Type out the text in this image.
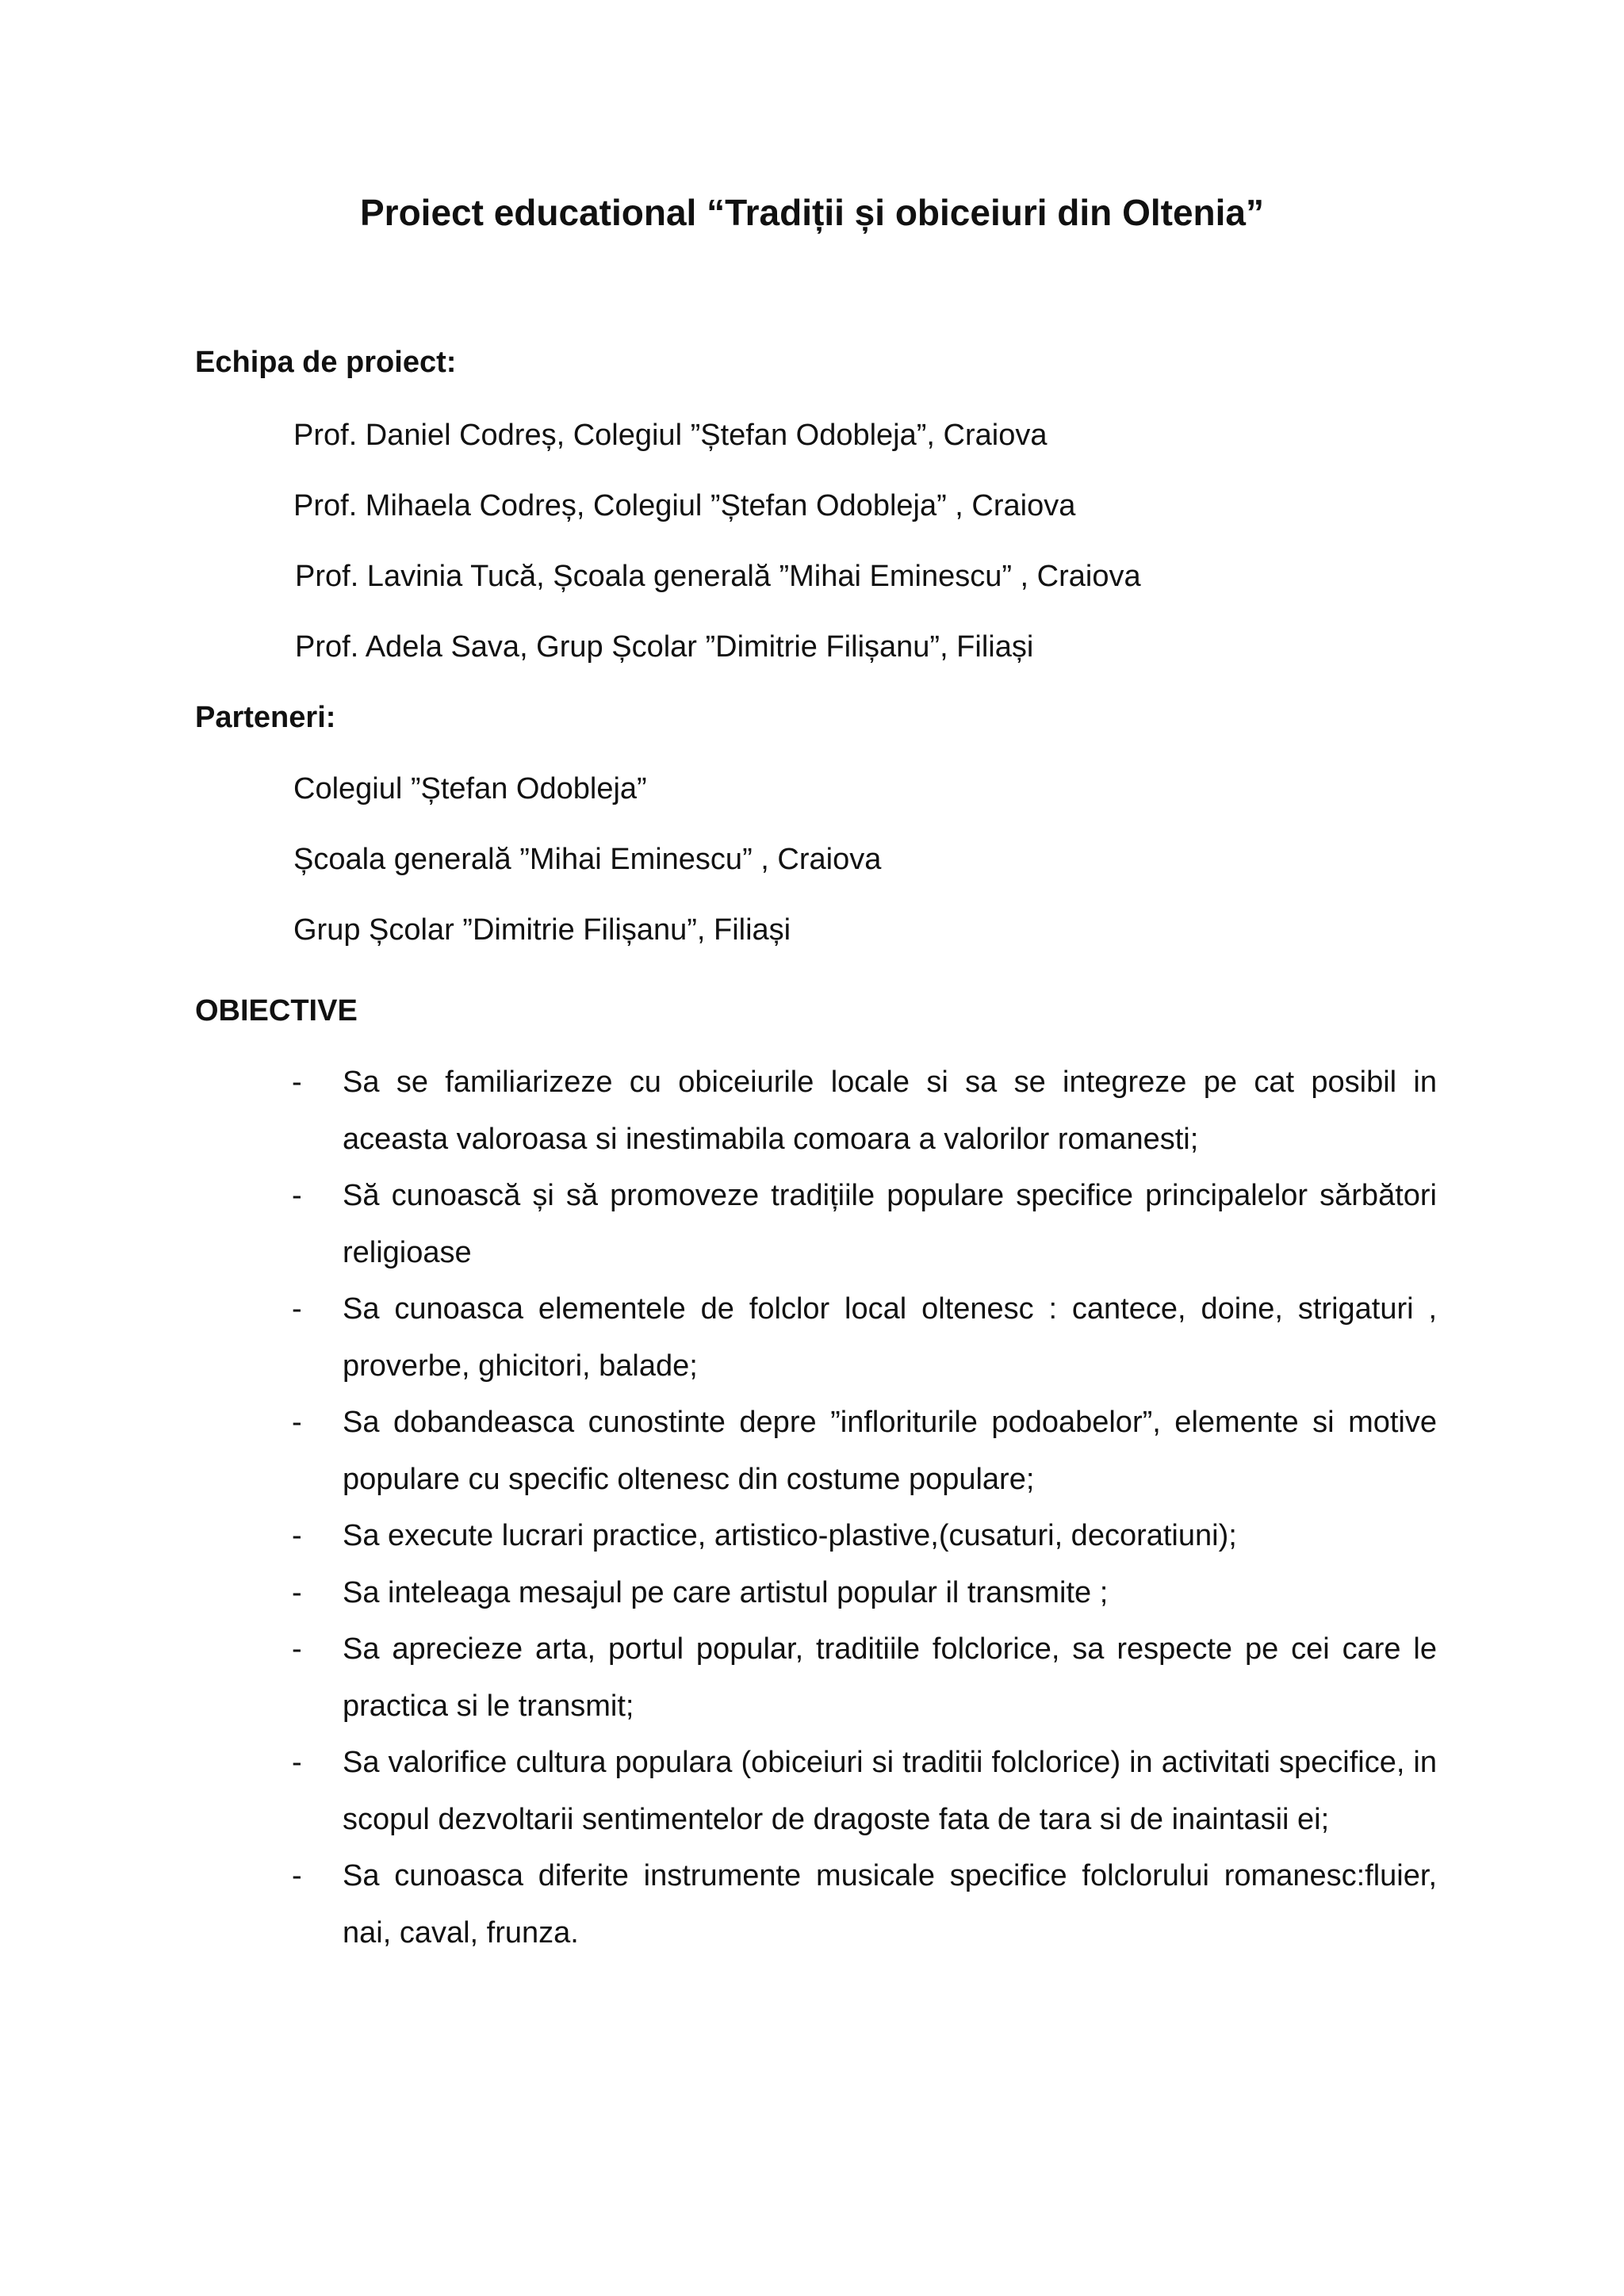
Proiect educational “Tradiții și obiceiuri din Oltenia”
Echipa de proiect:
Prof. Daniel Codreș, Colegiul ”Ștefan Odobleja”, Craiova
Prof. Mihaela Codreș, Colegiul ”Ștefan Odobleja” , Craiova
Prof. Lavinia Tucă, Școala generală ”Mihai Eminescu” , Craiova
Prof. Adela Sava, Grup Școlar ”Dimitrie Filișanu”, Filiași
Parteneri:
Colegiul ”Ștefan Odobleja”
Școala generală ”Mihai Eminescu” , Craiova
Grup Școlar ”Dimitrie Filișanu”, Filiași
OBIECTIVE
- Sa se familiarizeze cu obiceiurile locale si sa se integreze pe cat posibil in aceasta valoroasa si inestimabila comoara a valorilor romanesti;
- Să cunoască și să promoveze tradițiile populare specifice principalelor sărbători religioase
- Sa cunoasca elementele de folclor local oltenesc : cantece, doine, strigaturi , proverbe, ghicitori, balade;
- Sa dobandeasca cunostinte depre ”infloriturile podoabelor”, elemente si motive populare cu specific oltenesc din costume populare;
- Sa execute lucrari practice, artistico-plastive,(cusaturi, decoratiuni);
- Sa inteleaga mesajul pe care artistul popular il transmite ;
- Sa aprecieze arta, portul popular, traditiile folclorice, sa respecte pe cei care le practica si le transmit;
- Sa valorifice cultura populara (obiceiuri si traditii folclorice) in activitati specifice, in scopul dezvoltarii sentimentelor de dragoste fata de tara si de inaintasii ei;
- Sa cunoasca diferite instrumente musicale specifice folclorului romanesc:fluier, nai, caval, frunza.
